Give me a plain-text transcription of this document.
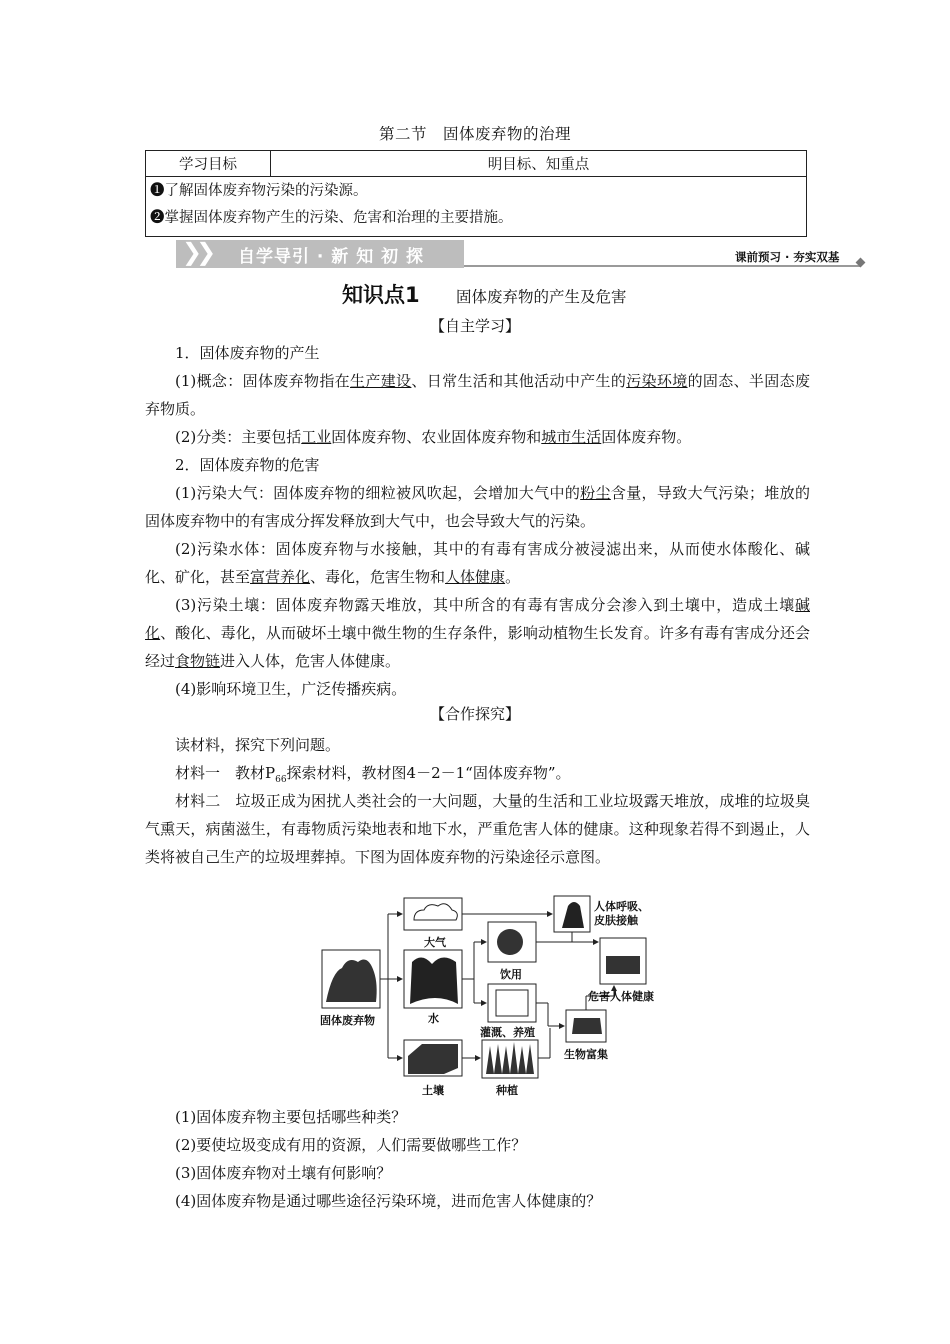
第二节　固体废弃物的治理
学习目标	明目标、知重点

➊了解固体废弃物污染的污染源。
➋掌握固体废弃物产生的污染、危害和治理的主要措施。
❯❯ 自学导引 · 新 知 初 探	课前预习 · 夯实双基
知识点1 固体废弃物的产生及危害
【自主学习】
1．固体废弃物的产生
(1)概念：固体废弃物指在生产建设、日常生活和其他活动中产生的污染环境的固态、半固态废弃物质。
(2)分类：主要包括工业固体废弃物、农业固体废弃物和城市生活固体废弃物。
2．固体废弃物的危害
(1)污染大气：固体废弃物的细粒被风吹起，会增加大气中的粉尘含量，导致大气污染；堆放的固体废弃物中的有害成分挥发释放到大气中，也会导致大气的污染。
(2)污染水体：固体废弃物与水接触，其中的有毒有害成分被浸滤出来，从而使水体酸化、碱化、矿化，甚至富营养化、毒化，危害生物和人体健康。
(3)污染土壤：固体废弃物露天堆放，其中所含的有毒有害成分会渗入到土壤中，造成土壤碱化、酸化、毒化，从而破坏土壤中微生物的生存条件，影响动植物生长发育。许多有毒有害成分还会经过食物链进入人体，危害人体健康。
(4)影响环境卫生，广泛传播疾病。
【合作探究】
读材料，探究下列问题。
材料一　教材$P_{66}$探索材料，教材图4－2－1“固体废弃物”。
材料二　垃圾正成为困扰人类社会的一大问题，大量的生活和工业垃圾露天堆放，成堆的垃圾臭气熏天，病菌滋生，有毒物质污染地表和地下水，严重危害人体的健康。这种现象若得不到遏止，人类将被自己生产的垃圾埋葬掉。下图为固体废弃物的污染途径示意图。
固体废弃物
大气
水
土壤
饮用
灌溉、养殖
种植
人体呼吸、
皮肤接触
危害人体健康
生物富集
(1)固体废弃物主要包括哪些种类？
(2)要使垃圾变成有用的资源，人们需要做哪些工作？
(3)固体废弃物对土壤有何影响？
(4)固体废弃物是通过哪些途径污染环境，进而危害人体健康的？
